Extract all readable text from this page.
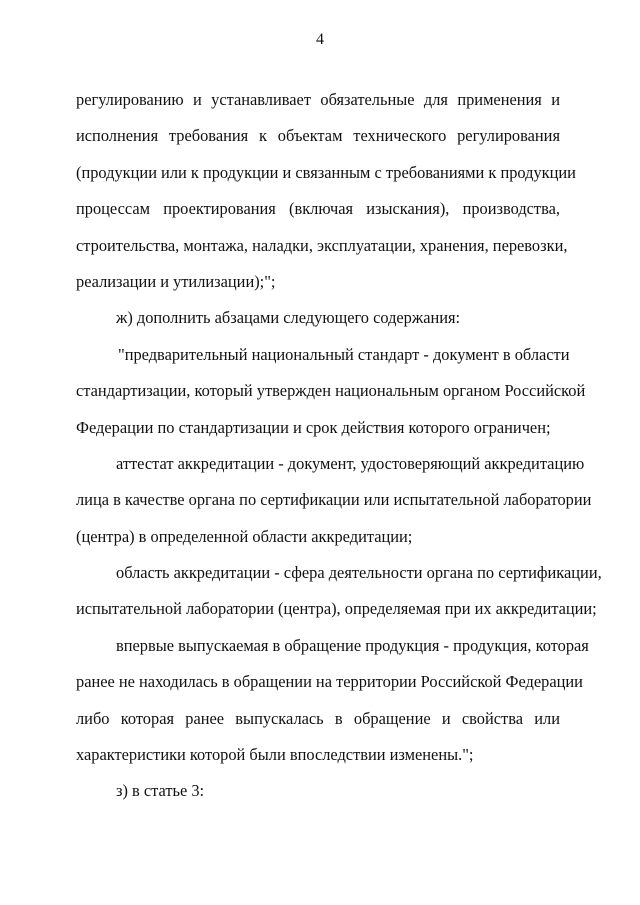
4
регулированию и устанавливает обязательные для применения и
исполнения требования к объектам технического регулирования
(продукции или к продукции и связанным с требованиями к продукции
процессам проектирования (включая изыскания), производства,
строительства, монтажа, наладки, эксплуатации, хранения, перевозки,
реализации и утилизации);";
ж) дополнить абзацами следующего содержания:
"предварительный национальный стандарт - документ в области
стандартизации, который утвержден национальным органом Российской
Федерации по стандартизации и срок действия которого ограничен;
аттестат аккредитации - документ, удостоверяющий аккредитацию
лица в качестве органа по сертификации или испытательной лаборатории
(центра) в определенной области аккредитации;
область аккредитации - сфера деятельности органа по сертификации,
испытательной лаборатории (центра), определяемая при их аккредитации;
впервые выпускаемая в обращение продукция - продукция, которая
ранее не находилась в обращении на территории Российской Федерации
либо которая ранее выпускалась в обращение и свойства или
характеристики которой были впоследствии изменены.";
з) в статье 3:
